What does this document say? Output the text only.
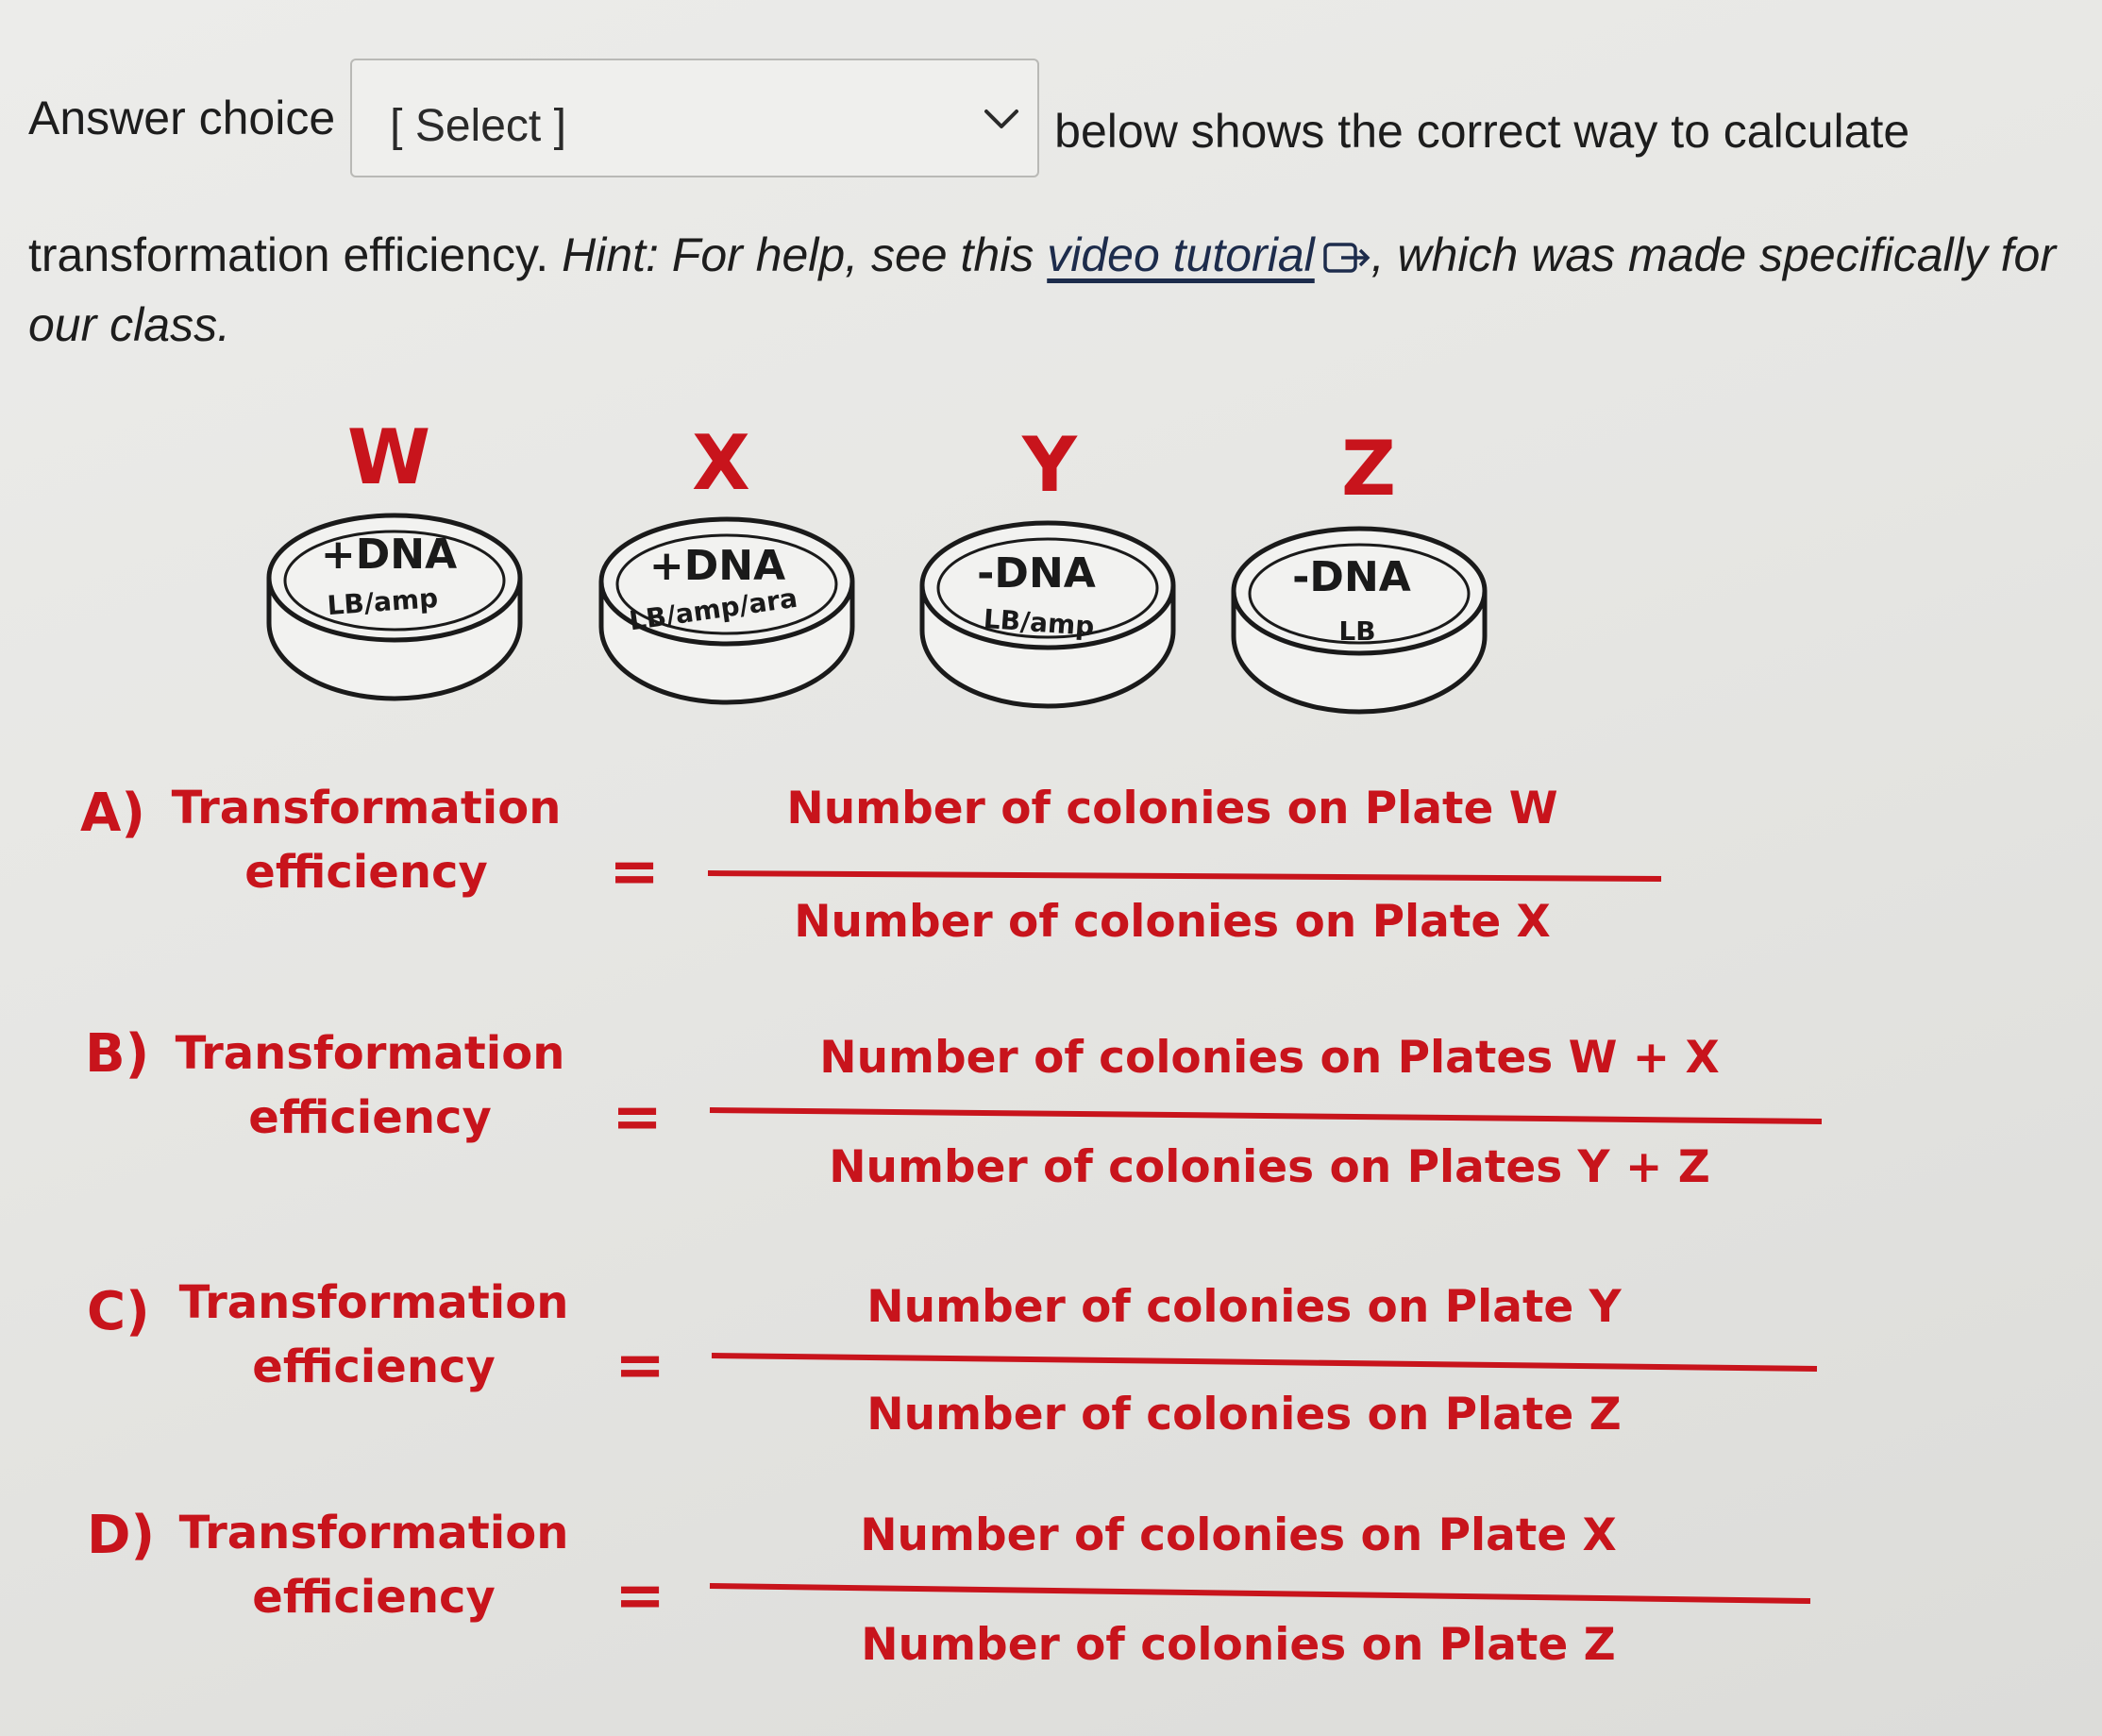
Answer choice [ Select ]	below shows the correct way to calculate
transformation efficiency. Hint: For help, see this video tutorial , which was made specifically for our class.
W
+DNA
LB/amp
X
+DNA
LB/amp/ara
Y
-DNA
LB/amp
Z
-DNA
LB
A) Transformation
efficiency =
Number of colonies on Plate W
Number of colonies on Plate X
B) Transformation
efficiency =
Number of colonies on Plates W + X
Number of colonies on Plates Y + Z
C) Transformation
efficiency =
Number of colonies on Plate Y
Number of colonies on Plate Z
D) Transformation
efficiency =
Number of colonies on Plate X
Number of colonies on Plate Z
